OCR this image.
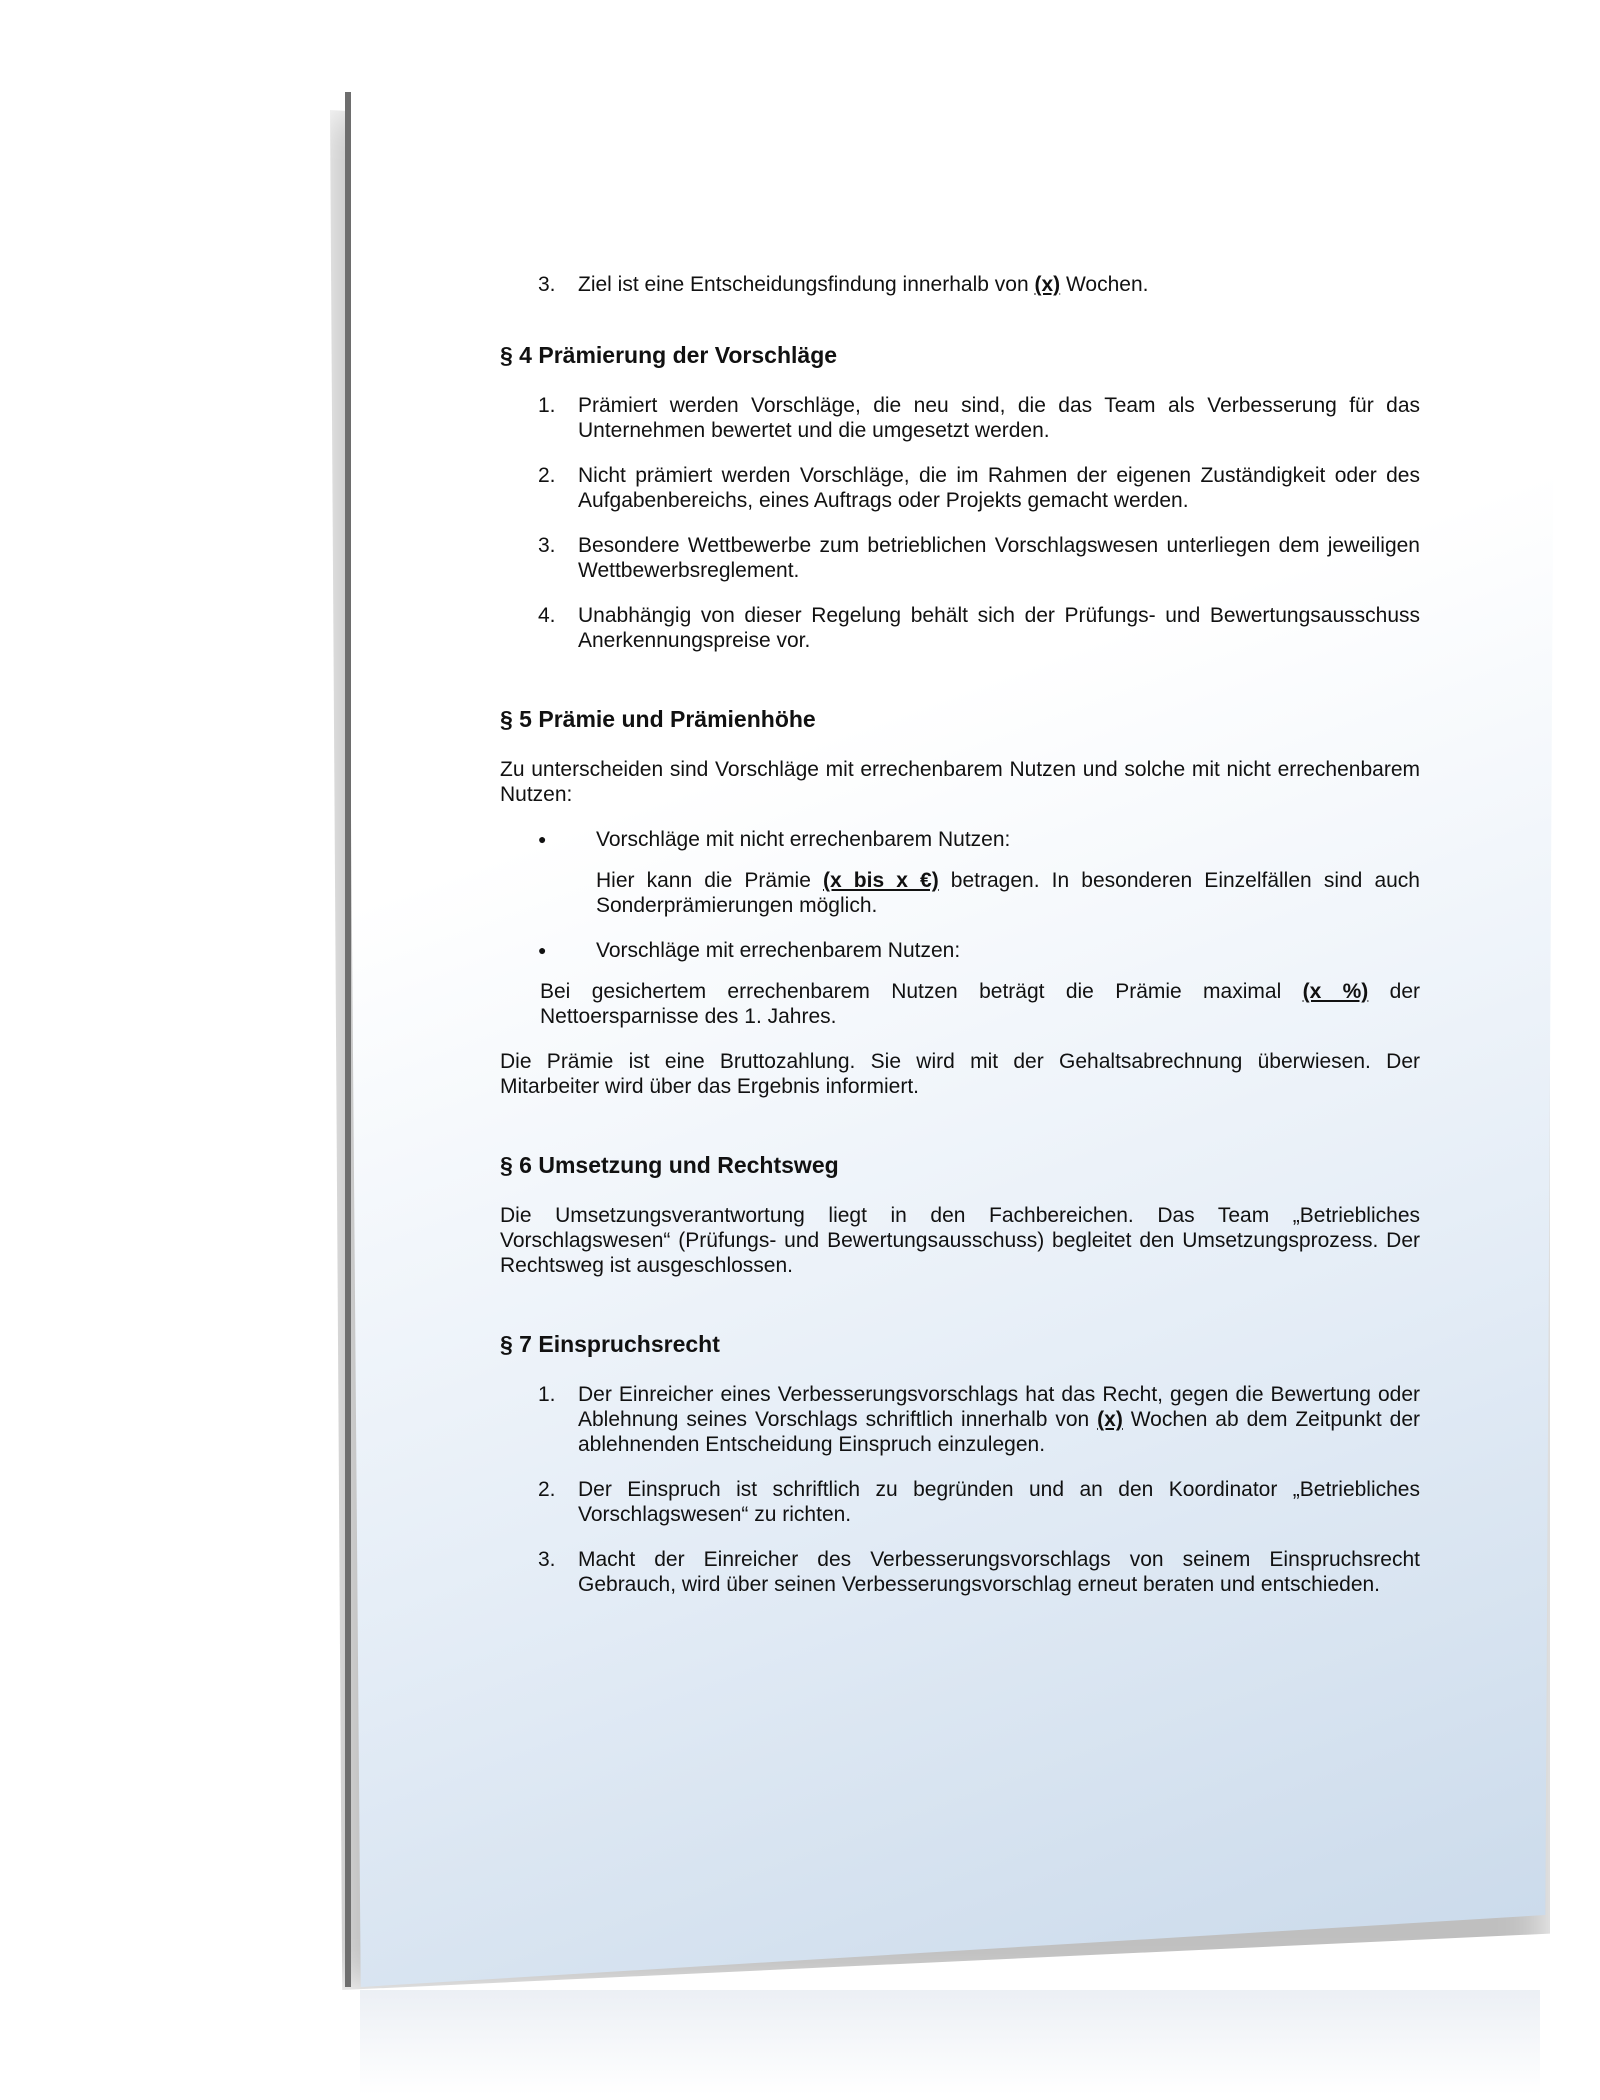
3.	Ziel ist eine Entscheidungsfindung innerhalb von (x) Wochen.
§ 4 Prämierung der Vorschläge
1.	Prämiert werden Vorschläge, die neu sind, die das Team als Verbesserung für das Unternehmen bewertet und die umgesetzt werden.
2.	Nicht prämiert werden Vorschläge, die im Rahmen der eigenen Zuständigkeit oder des Aufgabenbereichs, eines Auftrags oder Projekts gemacht werden.
3.	Besondere Wettbewerbe zum betrieblichen Vorschlagswesen unterliegen dem jeweiligen Wettbewerbsreglement.
4.	Unabhängig von dieser Regelung behält sich der Prüfungs- und Bewertungsausschuss Anerkennungspreise vor.
§ 5 Prämie und Prämienhöhe

Zu unterscheiden sind Vorschläge mit errechenbarem Nutzen und solche mit nicht errechenbarem Nutzen:

●	Vorschläge mit nicht errechenbarem Nutzen:

Hier kann die Prämie (x bis x €) betragen. In besonderen Einzelfällen sind auch Sonderprämierungen möglich.

●	Vorschläge mit errechenbarem Nutzen:

Bei gesichertem errechenbarem Nutzen beträgt die Prämie maximal (x %) der Nettoersparnisse des 1. Jahres.

Die Prämie ist eine Bruttozahlung. Sie wird mit der Gehaltsabrechnung überwiesen. Der Mitarbeiter wird über das Ergebnis informiert.

§ 6 Umsetzung und Rechtsweg

Die Umsetzungsverantwortung liegt in den Fachbereichen. Das Team „Betriebliches Vorschlagswesen“ (Prüfungs- und Bewertungsausschuss) begleitet den Umsetzungsprozess. Der Rechtsweg ist ausgeschlossen.

§ 7 Einspruchsrecht
1.	Der Einreicher eines Verbesserungsvorschlags hat das Recht, gegen die Bewertung oder Ablehnung seines Vorschlags schriftlich innerhalb von (x) Wochen ab dem Zeitpunkt der ablehnenden Entscheidung Einspruch einzulegen.
2.	Der Einspruch ist schriftlich zu begründen und an den Koordinator „Betriebliches Vorschlagswesen“ zu richten.
3.	Macht der Einreicher des Verbesserungsvorschlags von seinem Einspruchsrecht Gebrauch, wird über seinen Verbesserungsvorschlag erneut beraten und entschieden.
